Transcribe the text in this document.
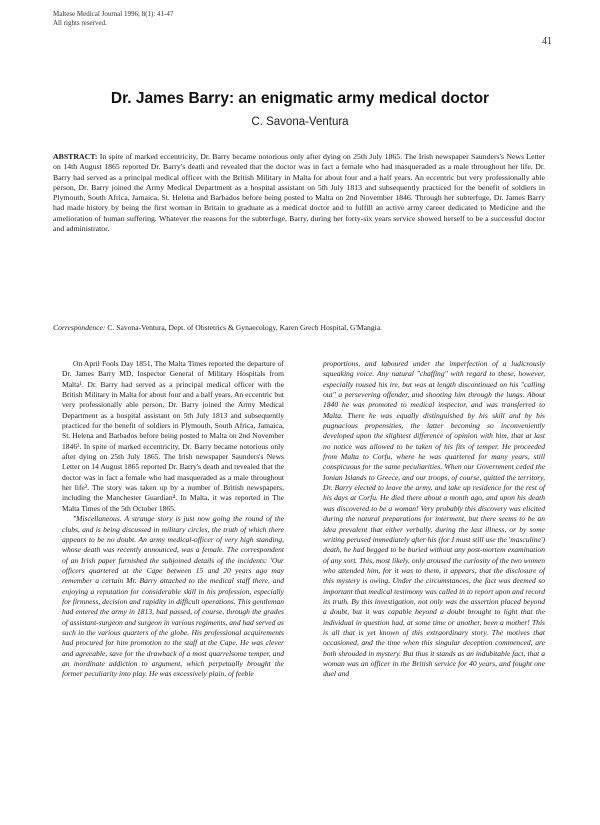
Maltese Medical Journal 1996; 8(1): 41-47
All rights reserved.
41
Dr. James Barry: an enigmatic army medical doctor
C. Savona-Ventura

ABSTRACT: In spite of marked eccentricity, Dr. Barry became notorious only after dying on 25th July 1865. The Irish newspaper Saunders's News Letter on 14th August 1865 reported Dr. Barry's death and revealed that the doctor was in fact a female who had masqueraded as a male throughout her life. Dr. Barry had served as a principal medical officer with the British Military in Malta for about four and a half years. An eccentric but very professionally able person, Dr. Barry joined the Army Medical Department as a hospital assistant on 5th July 1813 and subsequently practiced for the benefit of soldiers in Plymouth, South Africa, Jamaica, St. Helena and Barbados before being posted to Malta on 2nd November 1846. Through her subterfuge, Dr. James Barry had made history by being the first woman in Britain to graduate as a medical doctor and to fulfill an active army career dedicated to Medicine and the amelioration of human suffering. Whatever the reasons for the subterfuge, Barry, during her forty-six years service showed herself to be a successful doctor and administrator.

Correspondence: C. Savona-Ventura, Dept. of Obstetrics & Gynaecology, Karen Grech Hospital, G'Mangia.

On April Fools Day 1851, The Malta Times reported the departure of Dr. James Barry MD, Inspector General of Military Hospitals from Malta¹. Dr. Barry had served as a principal medical officer with the British Military in Malta for about four and a half years. An eccentric but very professionally able person, Dr. Barry joined the Army Medical Department as a hospital assistant on 5th July 1813 and subsequently practiced for the benefit of soldiers in Plymouth, South Africa, Jamaica, St. Helena and Barbados before being posted to Malta on 2nd November 1846². In spite of marked eccentricity, Dr. Barry became notorious only after dying on 25th July 1865. The Irish newspaper Saunders's News Letter on 14 August 1865 reported Dr. Barry's death and revealed that the doctor was in fact a female who had masqueraded as a male throughout her life³. The story was taken up by a number of British newspapers, including the Manchester Guardian⁴. In Malta, it was reported in The Malta Times of the 5th October 1865.

"Miscellaneous. A strange story is just now going the round of the clubs, and is being discussed in military circles, the truth of which there appears to be no doubt. An army medical-officer of very high standing, whose death was recently announced, was a female. The correspondent of an Irish paper furnished the subjoined details of the incidents: 'Our officers quartered at the Cape between 15 and 20 years ago may remember a certain Mr. Barry attached to the medical staff there, and enjoying a reputation for considerable skill in his profession, especially for firmness, decision and rapidity in difficult operations. This gentleman had entered the army in 1813, had passed, of course, through the grades of assistant-surgeon and surgeon in various regiments, and had served as such in the various quarters of the globe. His professional acquirements had procured for him promotion to the staff at the Cape. He was clever and agreeable, save for the drawback of a most quarrelsome temper, and an inordinate addiction to argument, which perpetually brought the former peculiarity into play. He was excessively plain, of feeble

proportions, and laboured under the imperfection of a ludicrously squeaking voice. Any natural "chaffing" with regard to these, however, especially roused his ire, but was at length discontinued on his "calling out" a persevering offender, and shooting him through the lungs. About 1840 he was promoted to medical inspector, and was transferred to Malta. There he was equally distinguished by his skill and by his pugnacious propensities, the latter becoming so inconveniently developed upon the slightest difference of opinion with him, that at last no notice was allowed to be taken of his fits of temper. He proceeded from Malta to Corfu, where he was quartered for many years, still conspicuous for the same peculiarities. When our Government ceded the Ionian Islands to Greece, and our troops, of course, quitted the territory, Dr. Barry elected to leave the army, and take up residence for the rest of his days at Corfu. He died there about a month ago, and upon his death was discovered to be a woman! Very probably this discovery was elicited during the natural preparations for interment, but there seems to be an idea prevalent that either verbally, during the last illness, or by some writing perused immediately after his (for I must still use the 'masculine') death, he had begged to be buried without any post-mortem examination of any sort. This, most likely, only aroused the curiosity of the two women who attended him, for it was to them, it appears, that the disclosure of this mystery is owing. Under the circumstances, the fact was deemed so important that medical testimony was called in to report upon and record its truth. By this investigation, not only was the assertion placed beyond a doubt, but it was capable beyond a doubt brought to light that the individual in question had, at some time or another, been a mother! This is all that is yet known of this extraordinary story. The motives that occasioned, and the time when this singular deception commenced, are both shrouded in mystery. But thus it stands as an indubitable fact, that a woman was an officer in the British service for 40 years, and fought one duel and
